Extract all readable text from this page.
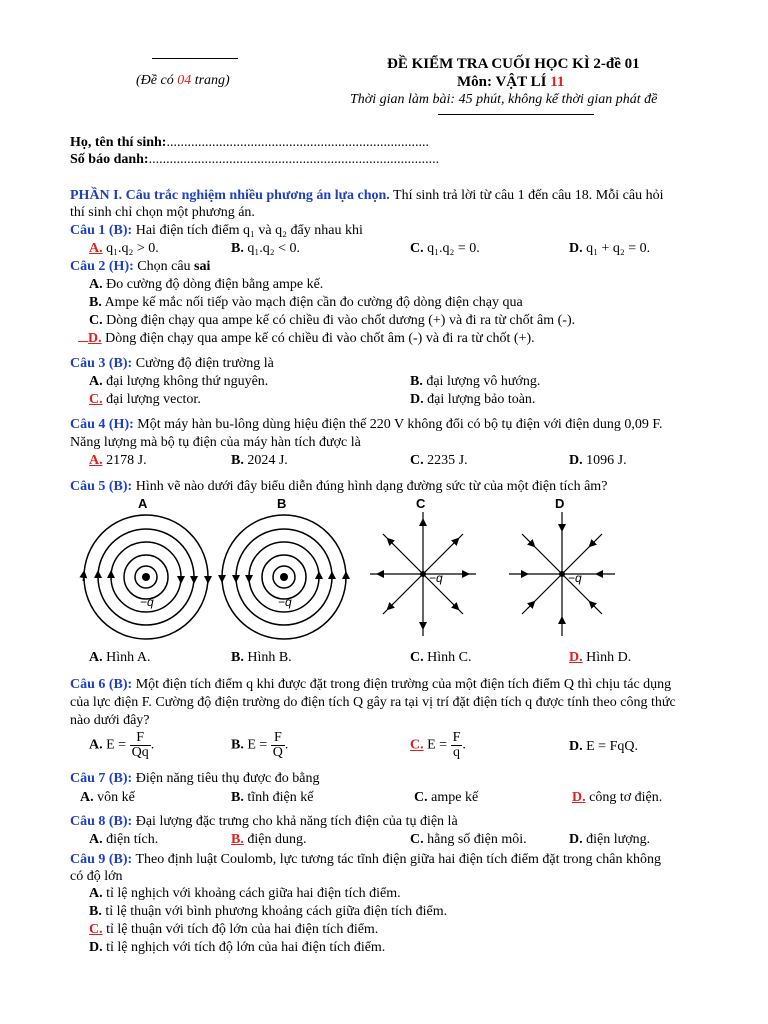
(Đề có 04 trang)
ĐỀ KIỂM TRA CUỐI HỌC KÌ 2-đề 01
Môn: VẬT LÍ 11
Thời gian làm bài: 45 phút, không kể thời gian phát đề
Họ, tên thí sinh:...........................................................................
Số báo danh:...................................................................................
PHẦN I. Câu trắc nghiệm nhiều phương án lựa chọn. Thí sinh trả lời từ câu 1 đến câu 18. Mỗi câu hỏi
thí sinh chỉ chọn một phương án.
Câu 1 (B): Hai điện tích điểm q₁ và q₂ đẩy nhau khi
A. q₁.q₂ > 0.	B. q₁.q₂ < 0.	C. q₁.q₂ = 0.	D. q₁ + q₂ = 0.
Câu 2 (H): Chọn câu sai
A. Đo cường độ dòng điện bằng ampe kế.
B. Ampe kế mắc nối tiếp vào mạch điện cần đo cường độ dòng điện chạy qua
C. Dòng điện chạy qua ampe kế có chiều đi vào chốt dương (+) và đi ra từ chốt âm (-).
D. Dòng điện chạy qua ampe kế có chiều đi vào chốt âm (-) và đi ra từ chốt (+).
Câu 3 (B): Cường độ điện trường là
A. đại lượng không thứ nguyên.	B. đại lượng vô hướng.
C. đại lượng vector.	D. đại lượng bảo toàn.
Câu 4 (H): Một máy hàn bu-lông dùng hiệu điện thế 220 V không đổi có bộ tụ điện với điện dung 0,09 F.
Năng lượng mà bộ tụ điện của máy hàn tích được là
A. 2178 J.	B. 2024 J.	C. 2235 J.	D. 1096 J.
Câu 5 (B): Hình vẽ nào dưới đây biểu diễn đúng hình dạng đường sức từ của một điện tích âm?
A
−q
B
−q
C
−q
D
−q
A. Hình A.	B. Hình B.	C. Hình C.	D. Hình D.
Câu 6 (B): Một điện tích điểm q khi được đặt trong điện trường của một điện tích điểm Q thì chịu tác dụng
của lực điện F. Cường độ điện trường do điện tích Q gây ra tại vị trí đặt điện tích q được tính theo công thức
nào dưới đây?
A. $E = \frac{F}{Qq}$ .	B. $E = \frac{F}{Q}$ .	C. $E = \frac{F}{q}$ .	D. E = FqQ.
Câu 7 (B): Điện năng tiêu thụ được đo bằng
A. vôn kế	B. tĩnh điện kế	C. ampe kế	D. công tơ điện.
Câu 8 (B): Đại lượng đặc trưng cho khả năng tích điện của tụ điện là
A. điện tích.	B. điện dung.	C. hằng số điện môi.	D. điện lượng.
Câu 9 (B): Theo định luật Coulomb, lực tương tác tĩnh điện giữa hai điện tích điểm đặt trong chân không
có độ lớn
A. tỉ lệ nghịch với khoảng cách giữa hai điện tích điểm.
B. tỉ lệ thuận với bình phương khoảng cách giữa điện tích điểm.
C. tỉ lệ thuận với tích độ lớn của hai điện tích điểm.
D. tỉ lệ nghịch với tích độ lớn của hai điện tích điểm.
